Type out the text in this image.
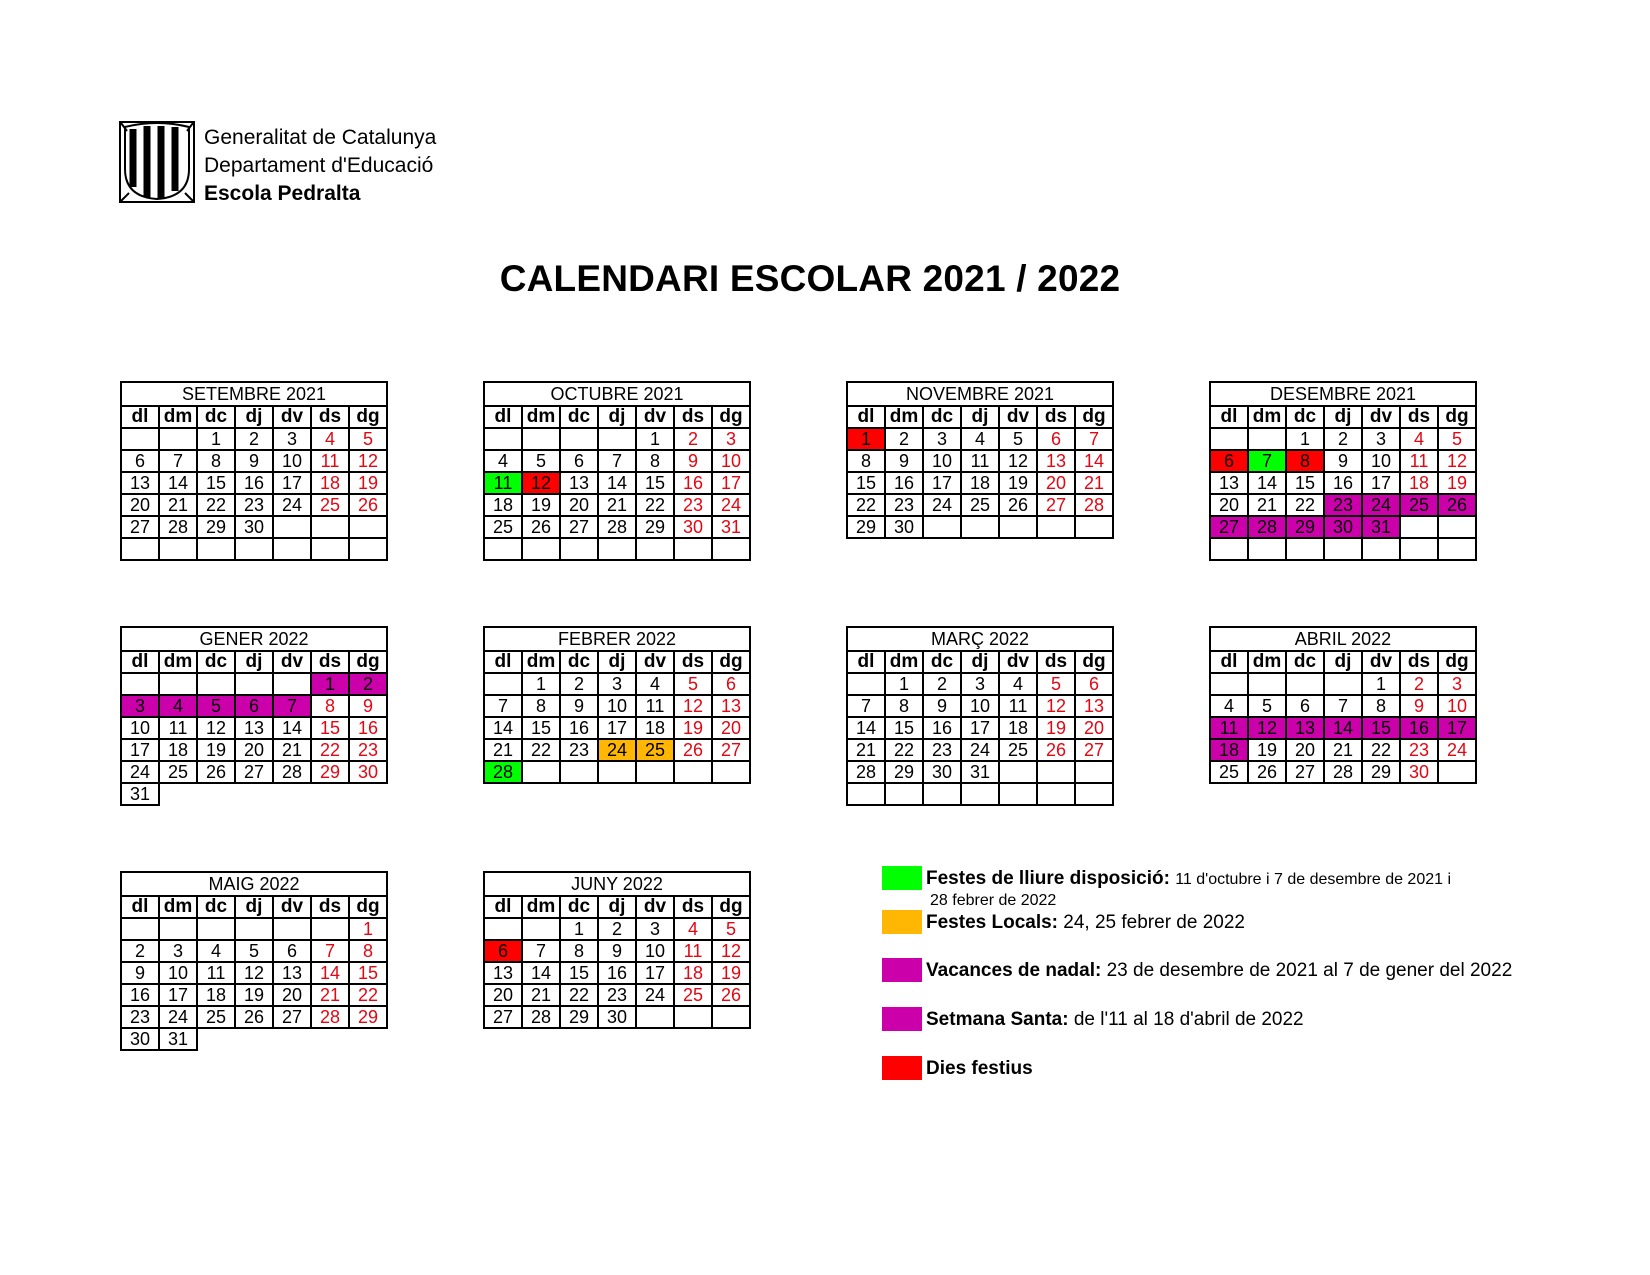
Generalitat de Catalunya
Departament d'Educació
Escola Pedralta
CALENDARI ESCOLAR 2021 / 2022
SETEMBRE 2021						
dl	dm	dc	dj	dv	ds	dg
		1	2	3	4	5
6	7	8	9	10	11	12
13	14	15	16	17	18	19
20	21	22	23	24	25	26
27	28	29	30			

OCTUBRE 2021						
dl	dm	dc	dj	dv	ds	dg
				1	2	3
4	5	6	7	8	9	10
11	12	13	14	15	16	17
18	19	20	21	22	23	24
25	26	27	28	29	30	31

NOVEMBRE 2021						
dl	dm	dc	dj	dv	ds	dg
1	2	3	4	5	6	7
8	9	10	11	12	13	14
15	16	17	18	19	20	21
22	23	24	25	26	27	28
29	30					
DESEMBRE 2021						
dl	dm	dc	dj	dv	ds	dg
		1	2	3	4	5
6	7	8	9	10	11	12
13	14	15	16	17	18	19
20	21	22	23	24	25	26
27	28	29	30	31		

GENER 2022						
dl	dm	dc	dj	dv	ds	dg
					1	2
3	4	5	6	7	8	9
10	11	12	13	14	15	16
17	18	19	20	21	22	23
24	25	26	27	28	29	30
31						
FEBRER 2022						
dl	dm	dc	dj	dv	ds	dg
	1	2	3	4	5	6
7	8	9	10	11	12	13
14	15	16	17	18	19	20
21	22	23	24	25	26	27
28						
MARÇ 2022						
dl	dm	dc	dj	dv	ds	dg
	1	2	3	4	5	6
7	8	9	10	11	12	13
14	15	16	17	18	19	20
21	22	23	24	25	26	27
28	29	30	31			

ABRIL 2022						
dl	dm	dc	dj	dv	ds	dg
				1	2	3
4	5	6	7	8	9	10
11	12	13	14	15	16	17
18	19	20	21	22	23	24
25	26	27	28	29	30	
MAIG 2022						
dl	dm	dc	dj	dv	ds	dg
						1
2	3	4	5	6	7	8
9	10	11	12	13	14	15
16	17	18	19	20	21	22
23	24	25	26	27	28	29
30	31					
JUNY 2022						
dl	dm	dc	dj	dv	ds	dg
		1	2	3	4	5
6	7	8	9	10	11	12
13	14	15	16	17	18	19
20	21	22	23	24	25	26
27	28	29	30			
Festes de lliure disposició: 11 d'octubre i 7 de desembre de 2021 i
28 febrer de 2022
Festes Locals: 24, 25 febrer de 2022
Vacances de nadal: 23 de desembre de 2021 al 7 de gener del 2022
Setmana Santa: de l'11 al 18 d'abril de 2022
Dies festius
